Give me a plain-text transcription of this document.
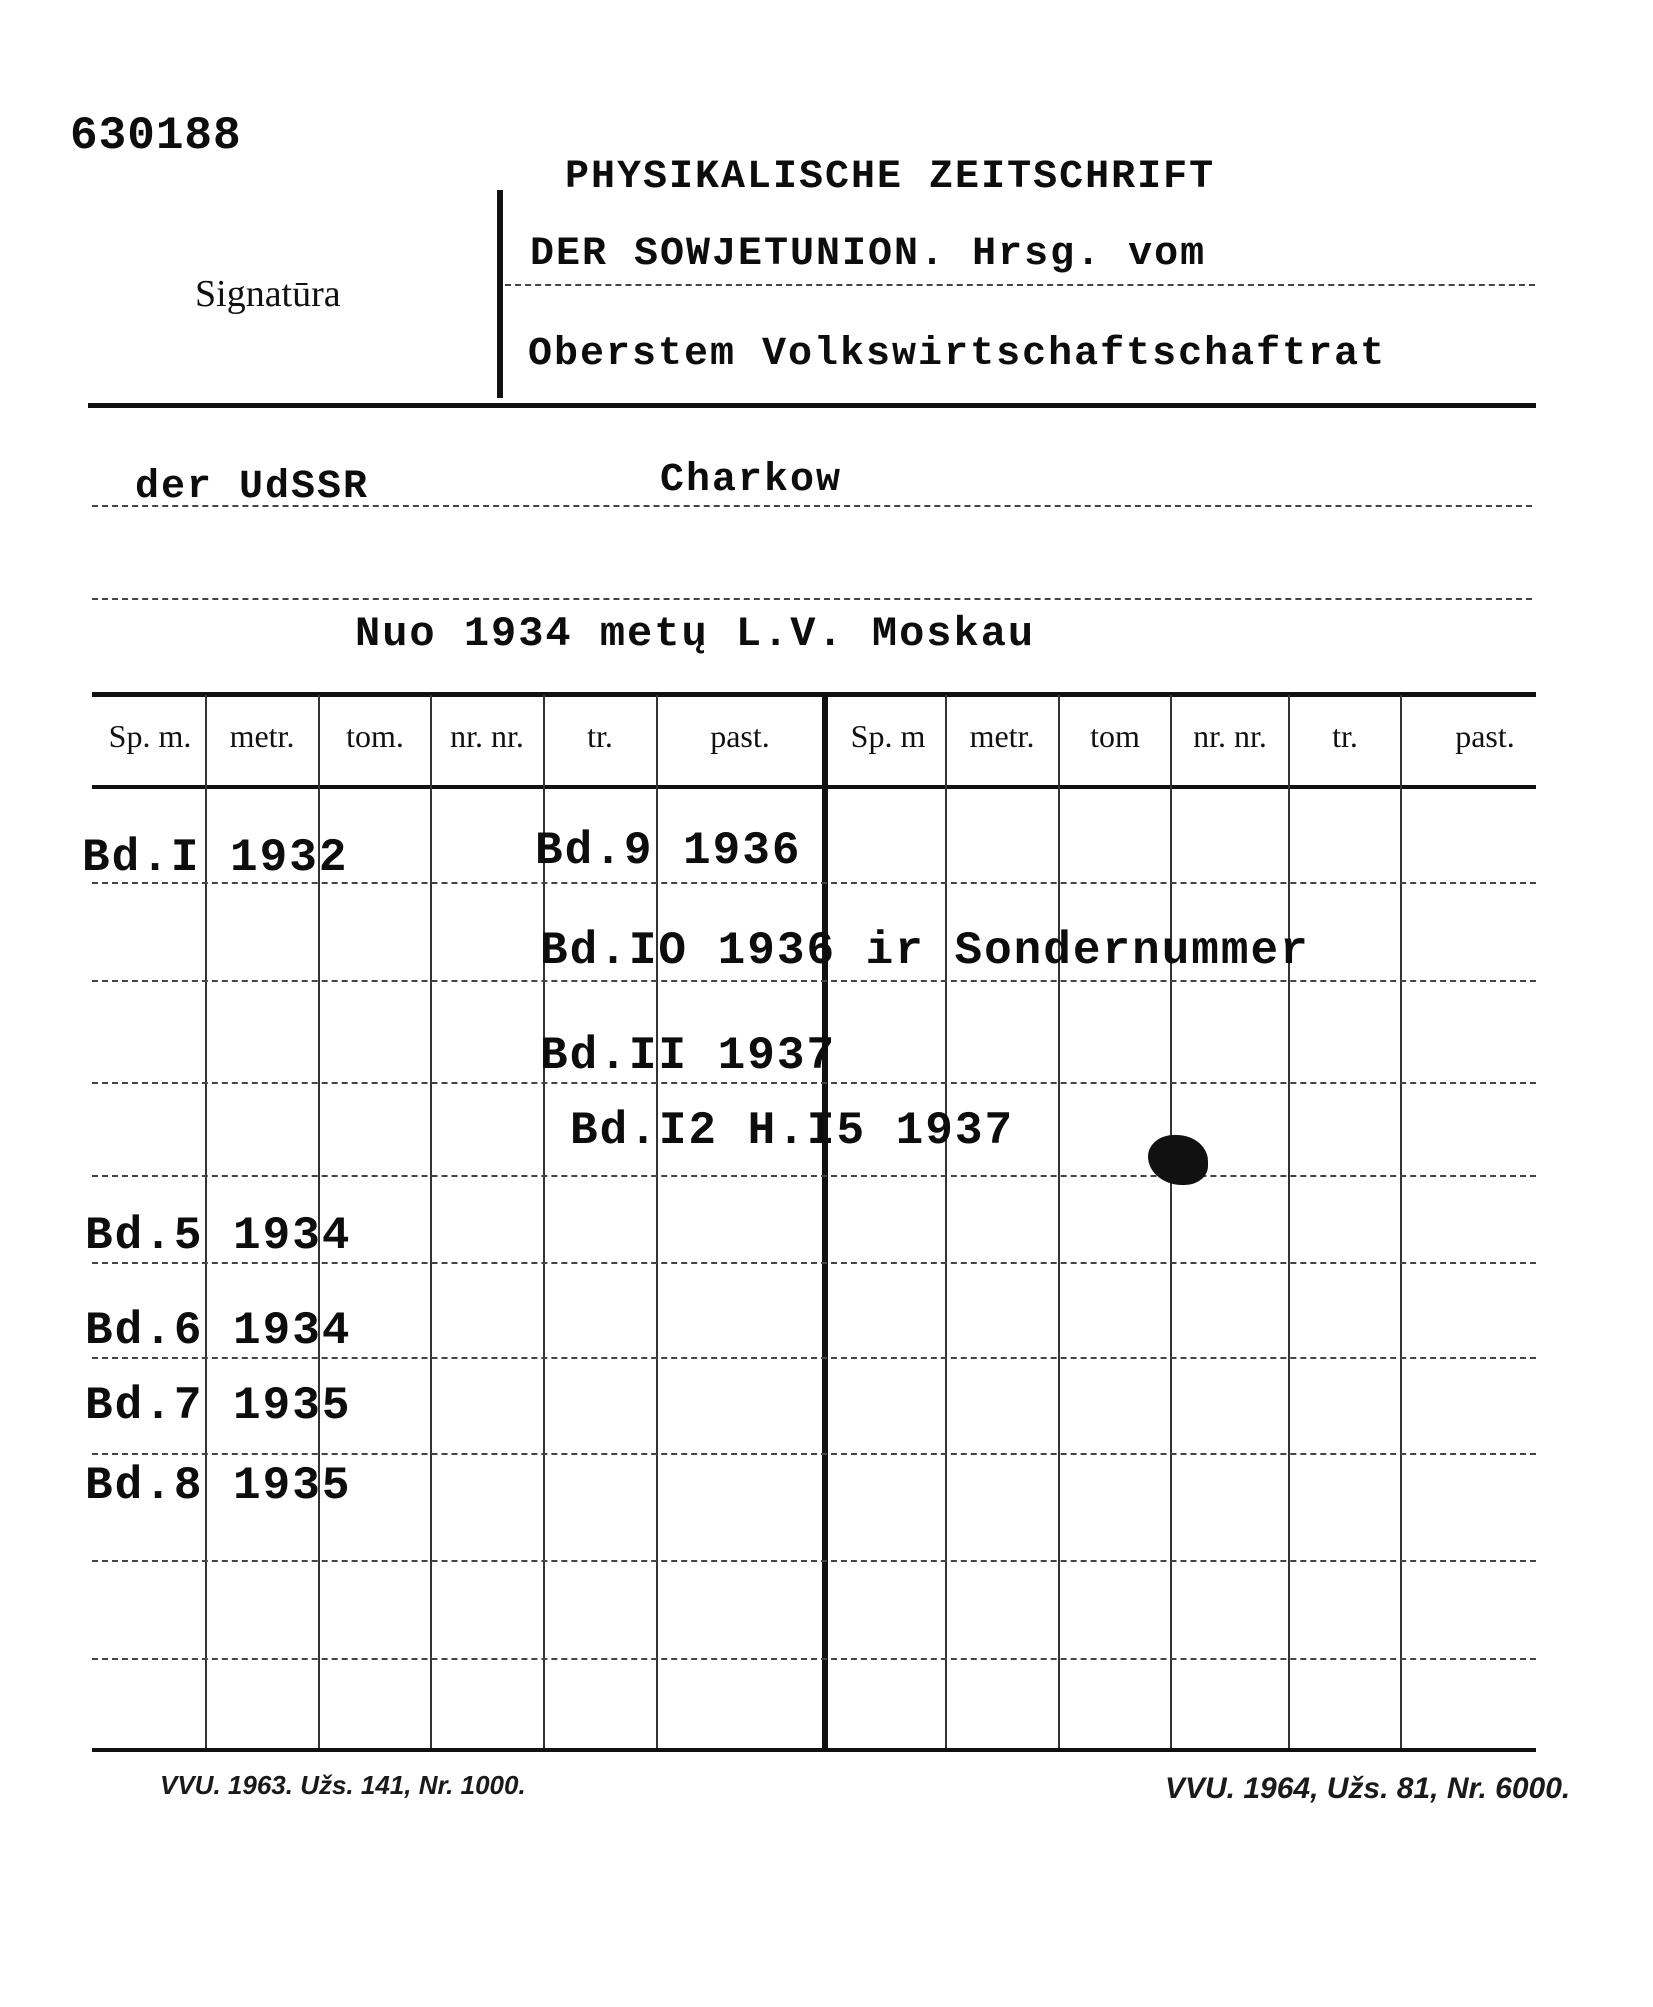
630188
Signatūra
PHYSIKALISCHE ZEITSCHRIFT
DER SOWJETUNION. Hrsg. vom
Oberstem Volkswirtschaftschaftrat
der UdSSR	Charkow
Nuo 1934 metų L.V. Moskau
Sp. m.	metr.	tom.	nr. nr.	tr.	past.	Sp. m	metr.	tom	nr. nr.	tr.	past.
Bd.I 1932	Bd.9 1936
Bd.IO 1936 ir Sondernummer
Bd.II 1937
Bd.I2 H.I5 1937
Bd.5 1934
Bd.6 1934
Bd.7 1935
Bd.8 1935
VVU. 1963. Užs. 141, Nr. 1000.	VVU. 1964, Užs. 81, Nr. 6000.
